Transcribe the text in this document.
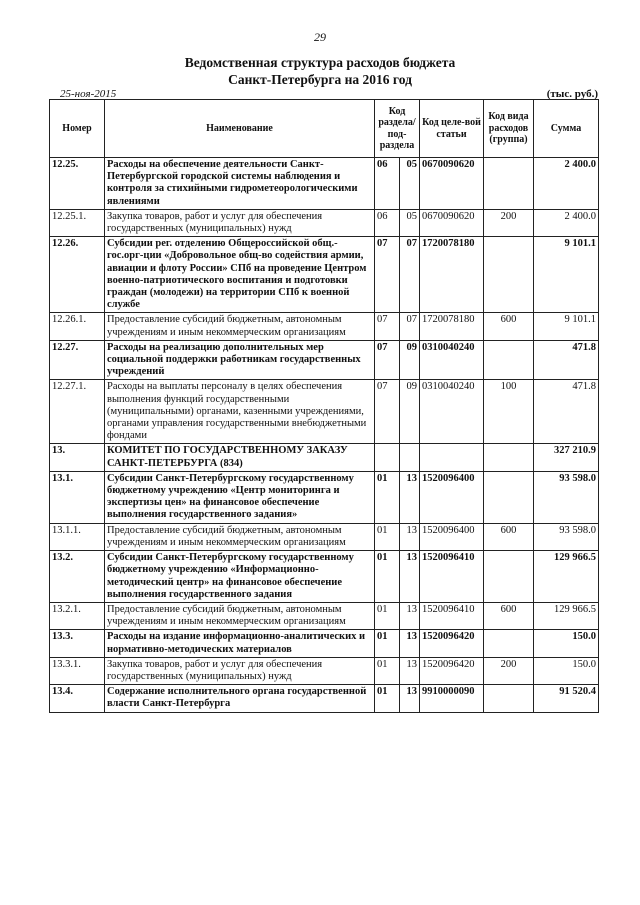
29
Ведомственная структура расходов бюджета
Санкт-Петербурга на 2016 год
25-ноя-2015	(тыс. руб.)
Номер	Наименование	Код раздела/ под-раздела		Код целе-вой статьи	Код вида расходов (группа)	Сумма
12.25.	Расходы на обеспечение деятельности Санкт-Петербургской городской системы наблюдения и контроля за стихийными гидрометеорологическими явлениями	06	05	0670090620		2 400.0
12.25.1.	Закупка товаров, работ и услуг для обеспечения государственных (муниципальных) нужд	06	05	0670090620	200	2 400.0
12.26.	Субсидии рег. отделению Общероссийской общ.-гос.орг-ции «Добровольное общ-во содействия армии, авиации и флоту России» СПб на проведение Центром военно-патриотического воспитания и подготовки граждан (молодежи) на территории СПб к военной службе	07	07	1720078180		9 101.1
12.26.1.	Предоставление субсидий бюджетным, автономным учреждениям и иным некоммерческим организациям	07	07	1720078180	600	9 101.1
12.27.	Расходы на реализацию дополнительных мер социальной поддержки работникам государственных учреждений	07	09	0310040240		471.8
12.27.1.	Расходы на выплаты персоналу в целях обеспечения выполнения функций государственными (муниципальными) органами, казенными учреждениями, органами управления государственными внебюджетными фондами	07	09	0310040240	100	471.8
13.	КОМИТЕТ ПО ГОСУДАРСТВЕННОМУ ЗАКАЗУ САНКТ-ПЕТЕРБУРГА (834)					327 210.9
13.1.	Субсидии Санкт-Петербургскому государственному бюджетному учреждению «Центр мониторинга и экспертизы цен» на финансовое обеспечение выполнения государственного задания»	01	13	1520096400		93 598.0
13.1.1.	Предоставление субсидий бюджетным, автономным учреждениям и иным некоммерческим организациям	01	13	1520096400	600	93 598.0
13.2.	Субсидии Санкт-Петербургскому государственному бюджетному учреждению «Информационно-методический центр» на финансовое обеспечение выполнения государственного задания	01	13	1520096410		129 966.5
13.2.1.	Предоставление субсидий бюджетным, автономным учреждениям и иным некоммерческим организациям	01	13	1520096410	600	129 966.5
13.3.	Расходы на издание информационно-аналитических и нормативно-методических материалов	01	13	1520096420		150.0
13.3.1.	Закупка товаров, работ и услуг для обеспечения государственных (муниципальных) нужд	01	13	1520096420	200	150.0
13.4.	Содержание исполнительного органа государственной власти Санкт-Петербурга	01	13	9910000090		91 520.4
